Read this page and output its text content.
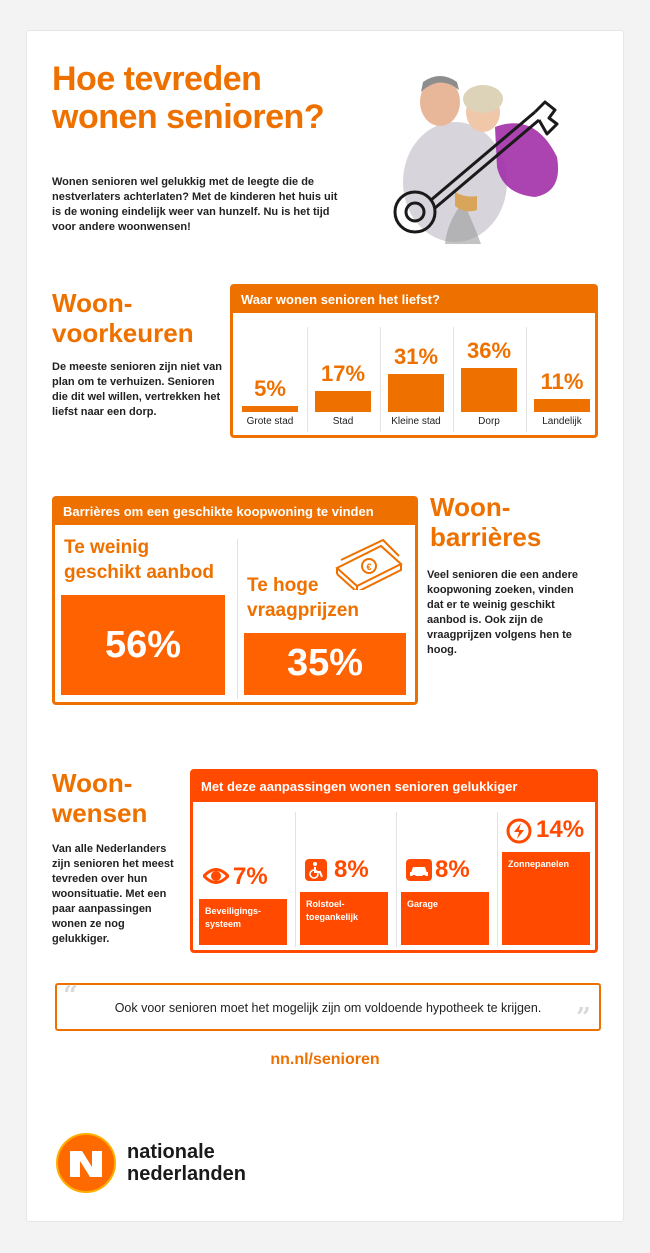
Hoe tevreden
wonen senioren?
Wonen senioren wel gelukkig met de leegte die de nestverlaters achterlaten? Met de kinderen het huis uit is de woning eindelijk weer van hunzelf. Nu is het tijd voor andere woonwensen!
Woon-
voorkeuren
De meeste senioren zijn niet van plan om te verhuizen. Senioren die dit wel willen, vertrekken het liefst naar een dorp.
Waar wonen senioren het liefst?
5%
Grote stad
17%
Stad
31%
Kleine stad
36%
Dorp
11%
Landelijk
Barrières om een geschikte koopwoning te vinden
56%
Te weinig
geschikt aanbod
35%
Te hoge
vraagprijzen
€
Woon-
barrières
Veel senioren die een andere koopwoning zoeken, vinden dat er te weinig geschikt aanbod is. Ook zijn de vraagprijzen volgens hen te hoog.
Woon-
wensen
Van alle Nederlanders zijn senioren het meest tevreden over hun woonsituatie. Met een paar aanpassingen wonen ze nog gelukkiger.
Met deze aanpassingen wonen senioren gelukkiger
Beveiligings-
systeem
7%
Rolstoel-
toegankelijk
8%
Garage
8%	Zonnepanelen
14%
“	Ook voor senioren moet het mogelijk zijn om voldoende hypotheek te krijgen.	”
nn.nl/senioren
nationale
nederlanden
